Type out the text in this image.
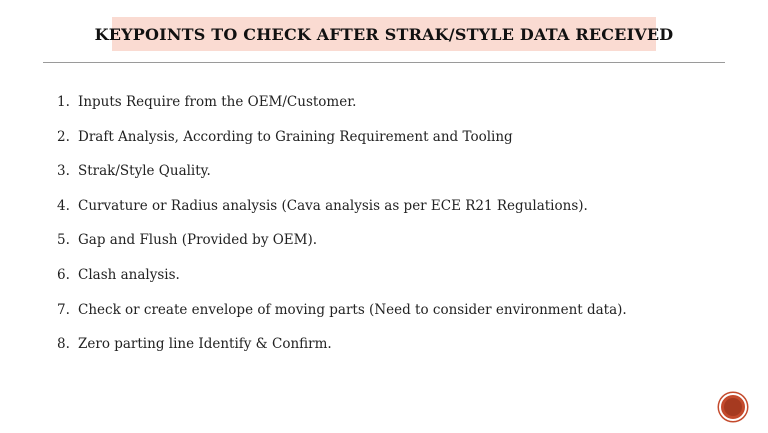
KEYPOINTS TO CHECK AFTER STRAK/STYLE DATA RECEIVED
1. Inputs Require from the OEM/Customer.
2. Draft Analysis, According to Graining Requirement and Tooling
3. Strak/Style Quality.
4. Curvature or Radius analysis (Cava analysis as per ECE R21 Regulations).
5. Gap and Flush (Provided by OEM).
6. Clash analysis.
7. Check or create envelope of moving parts (Need to consider environment data).
8. Zero parting line Identify & Confirm.
